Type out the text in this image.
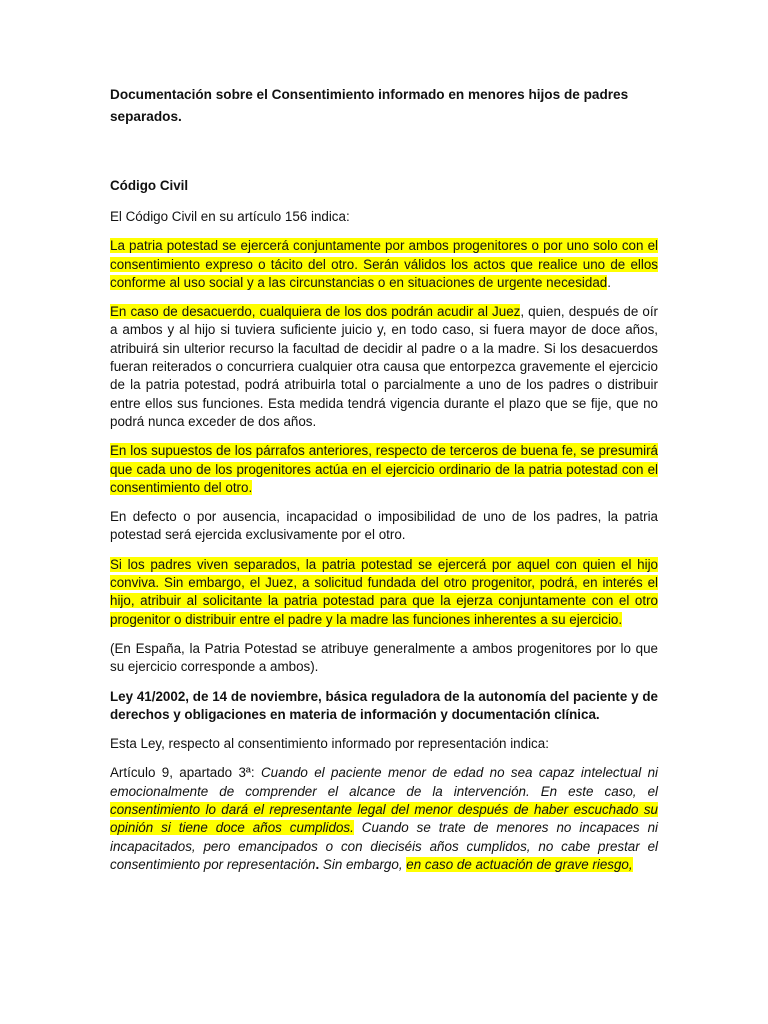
Documentación sobre el Consentimiento informado en menores hijos de padres separados.
Código Civil

El Código Civil en su artículo 156 indica:

La patria potestad se ejercerá conjuntamente por ambos progenitores o por uno solo con el consentimiento expreso o tácito del otro. Serán válidos los actos que realice uno de ellos conforme al uso social y a las circunstancias o en situaciones de urgente necesidad.

En caso de desacuerdo, cualquiera de los dos podrán acudir al Juez, quien, después de oír a ambos y al hijo si tuviera suficiente juicio y, en todo caso, si fuera mayor de doce años, atribuirá sin ulterior recurso la facultad de decidir al padre o a la madre. Si los desacuerdos fueran reiterados o concurriera cualquier otra causa que entorpezca gravemente el ejercicio de la patria potestad, podrá atribuirla total o parcialmente a uno de los padres o distribuir entre ellos sus funciones. Esta medida tendrá vigencia durante el plazo que se fije, que no podrá nunca exceder de dos años.

En los supuestos de los párrafos anteriores, respecto de terceros de buena fe, se presumirá que cada uno de los progenitores actúa en el ejercicio ordinario de la patria potestad con el consentimiento del otro.

En defecto o por ausencia, incapacidad o imposibilidad de uno de los padres, la patria potestad será ejercida exclusivamente por el otro.

Si los padres viven separados, la patria potestad se ejercerá por aquel con quien el hijo conviva. Sin embargo, el Juez, a solicitud fundada del otro progenitor, podrá, en interés el hijo, atribuir al solicitante la patria potestad para que la ejerza conjuntamente con el otro progenitor o distribuir entre el padre y la madre las funciones inherentes a su ejercicio.

(En España, la Patria Potestad se atribuye generalmente a ambos progenitores por lo que su ejercicio corresponde a ambos).

Ley 41/2002, de 14 de noviembre, básica reguladora de la autonomía del paciente y de derechos y obligaciones en materia de información y documentación clínica.

Esta Ley, respecto al consentimiento informado por representación indica:

Artículo 9, apartado 3ª: Cuando el paciente menor de edad no sea capaz intelectual ni emocionalmente de comprender el alcance de la intervención. En este caso, el consentimiento lo dará el representante legal del menor después de haber escuchado su opinión si tiene doce años cumplidos. Cuando se trate de menores no incapaces ni incapacitados, pero emancipados o con dieciséis años cumplidos, no cabe prestar el consentimiento por representación. Sin embargo, en caso de actuación de grave riesgo,
